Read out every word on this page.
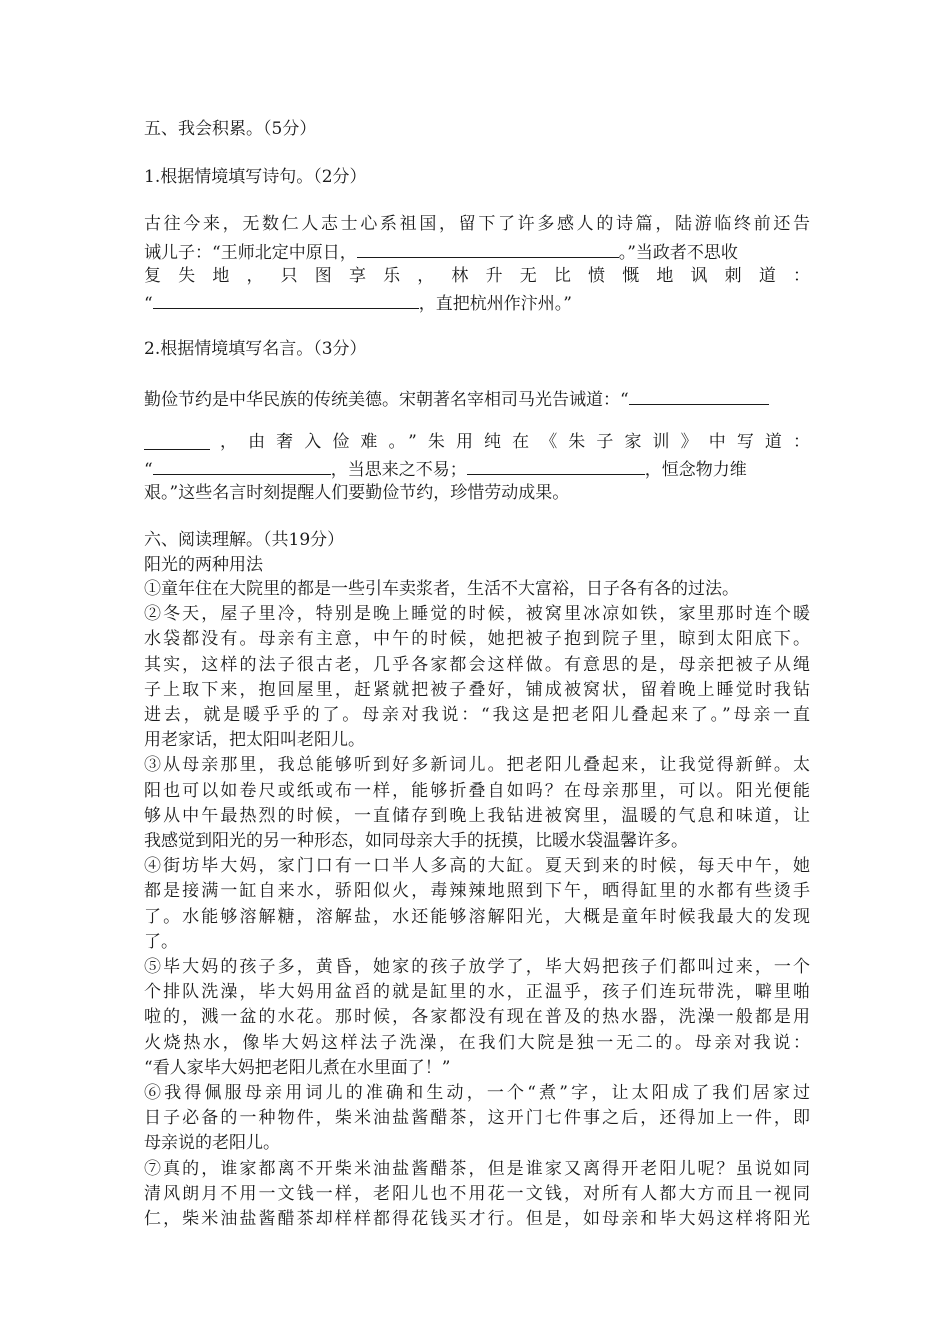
五、我会积累。（5分）
1.根据情境填写诗句。（2分）
古往今来，无数仁人志士心系祖国，留下了许多感人的诗篇，陆游临终前还告
诫儿子：“王师北定中原日，	。”当政者不思收
复失地，只图享乐，林升无比愤慨地讽刺道：
“	，直把杭州作汴州。”
2.根据情境填写名言。（3分）
勤俭节约是中华民族的传统美德。宋朝著名宰相司马光告诫道：“
，由奢入俭难。”朱用纯在《朱子家训》中写道：
“	，当思来之不易；	，恒念物力维
艰。”这些名言时刻提醒人们要勤俭节约，珍惜劳动成果。
六、阅读理解。（共19分）
阳光的两种用法
①童年住在大院里的都是一些引车卖浆者，生活不大富裕，日子各有各的过法。
②冬天，屋子里冷，特别是晚上睡觉的时候，被窝里冰凉如铁，家里那时连个暖
水袋都没有。母亲有主意，中午的时候，她把被子抱到院子里，晾到太阳底下。
其实，这样的法子很古老，几乎各家都会这样做。有意思的是，母亲把被子从绳
子上取下来，抱回屋里，赶紧就把被子叠好，铺成被窝状，留着晚上睡觉时我钻
进去，就是暖乎乎的了。母亲对我说：“我这是把老阳儿叠起来了。”母亲一直
用老家话，把太阳叫老阳儿。
③从母亲那里，我总能够听到好多新词儿。把老阳儿叠起来，让我觉得新鲜。太
阳也可以如卷尺或纸或布一样，能够折叠自如吗？在母亲那里，可以。阳光便能
够从中午最热烈的时候，一直储存到晚上我钻进被窝里，温暖的气息和味道，让
我感觉到阳光的另一种形态，如同母亲大手的抚摸，比暖水袋温馨许多。
④街坊毕大妈，家门口有一口半人多高的大缸。夏天到来的时候，每天中午，她
都是接满一缸自来水，骄阳似火，毒辣辣地照到下午，晒得缸里的水都有些烫手
了。水能够溶解糖，溶解盐，水还能够溶解阳光，大概是童年时候我最大的发现
了。
⑤毕大妈的孩子多，黄昏，她家的孩子放学了，毕大妈把孩子们都叫过来，一个
个排队洗澡，毕大妈用盆舀的就是缸里的水，正温乎，孩子们连玩带洗，噼里啪
啦的，溅一盆的水花。那时候，各家都没有现在普及的热水器，洗澡一般都是用
火烧热水，像毕大妈这样法子洗澡，在我们大院是独一无二的。母亲对我说：
“看人家毕大妈把老阳儿煮在水里面了！”
⑥我得佩服母亲用词儿的准确和生动，一个“煮”字，让太阳成了我们居家过
日子必备的一种物件，柴米油盐酱醋茶，这开门七件事之后，还得加上一件，即
母亲说的老阳儿。
⑦真的，谁家都离不开柴米油盐酱醋茶，但是谁家又离得开老阳儿呢？虽说如同
清风朗月不用一文钱一样，老阳儿也不用花一文钱，对所有人都大方而且一视同
仁，柴米油盐酱醋茶却样样都得花钱买才行。但是，如母亲和毕大妈这样将阳光
